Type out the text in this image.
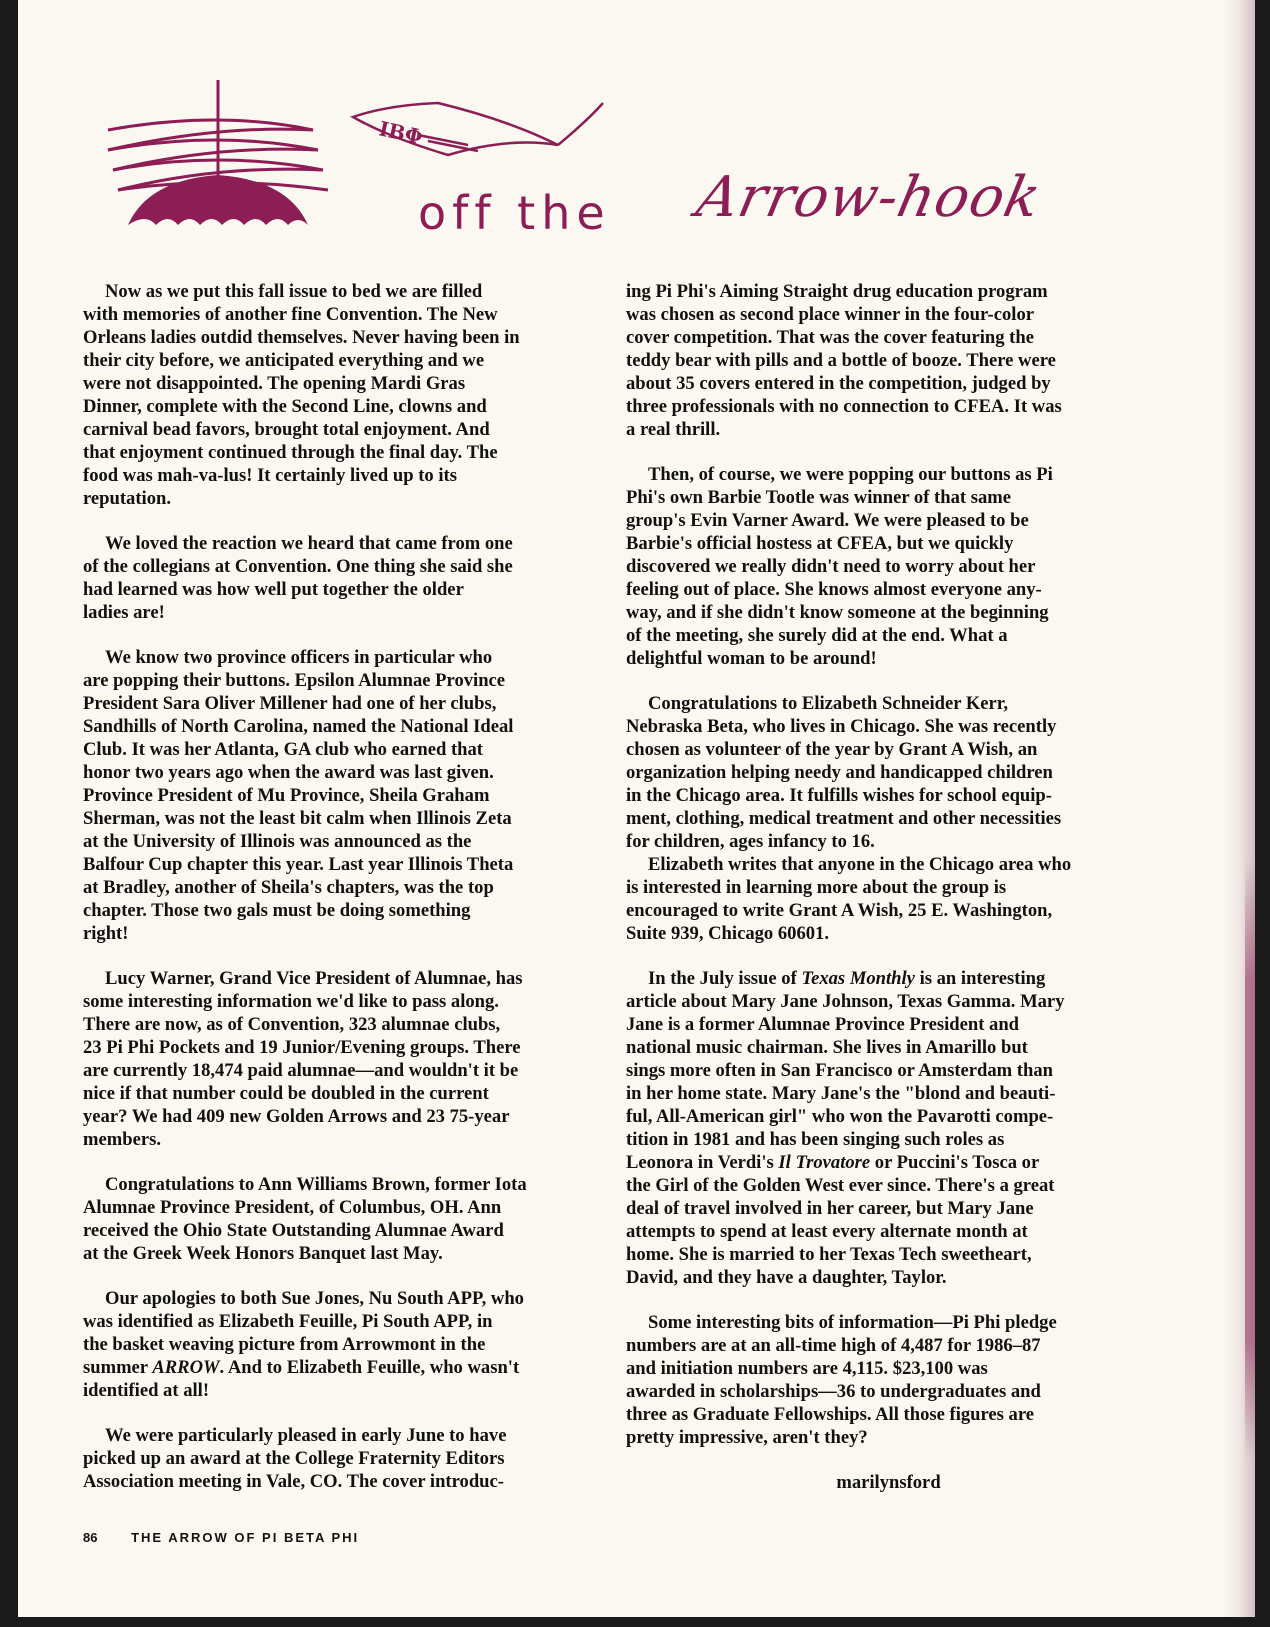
ΙΒΦ
off the Arrow-hook

Now as we put this fall issue to bed we are filled
with memories of another fine Convention. The New
Orleans ladies outdid themselves. Never having been in
their city before, we anticipated everything and we
were not disappointed. The opening Mardi Gras
Dinner, complete with the Second Line, clowns and
carnival bead favors, brought total enjoyment. And
that enjoyment continued through the final day. The
food was mah-va-lus! It certainly lived up to its
reputation.

We loved the reaction we heard that came from one
of the collegians at Convention. One thing she said she
had learned was how well put together the older
ladies are!

We know two province officers in particular who
are popping their buttons. Epsilon Alumnae Province
President Sara Oliver Millener had one of her clubs,
Sandhills of North Carolina, named the National Ideal
Club. It was her Atlanta, GA club who earned that
honor two years ago when the award was last given.
Province President of Mu Province, Sheila Graham
Sherman, was not the least bit calm when Illinois Zeta
at the University of Illinois was announced as the
Balfour Cup chapter this year. Last year Illinois Theta
at Bradley, another of Sheila's chapters, was the top
chapter. Those two gals must be doing something
right!

Lucy Warner, Grand Vice President of Alumnae, has
some interesting information we'd like to pass along.
There are now, as of Convention, 323 alumnae clubs,
23 Pi Phi Pockets and 19 Junior/Evening groups. There
are currently 18,474 paid alumnae—and wouldn't it be
nice if that number could be doubled in the current
year? We had 409 new Golden Arrows and 23 75-year
members.

Congratulations to Ann Williams Brown, former Iota
Alumnae Province President, of Columbus, OH. Ann
received the Ohio State Outstanding Alumnae Award
at the Greek Week Honors Banquet last May.

Our apologies to both Sue Jones, Nu South APP, who
was identified as Elizabeth Feuille, Pi South APP, in
the basket weaving picture from Arrowmont in the
summer ARROW. And to Elizabeth Feuille, who wasn't
identified at all!

We were particularly pleased in early June to have
picked up an award at the College Fraternity Editors
Association meeting in Vale, CO. The cover introduc-

ing Pi Phi's Aiming Straight drug education program
was chosen as second place winner in the four-color
cover competition. That was the cover featuring the
teddy bear with pills and a bottle of booze. There were
about 35 covers entered in the competition, judged by
three professionals with no connection to CFEA. It was
a real thrill.

Then, of course, we were popping our buttons as Pi
Phi's own Barbie Tootle was winner of that same
group's Evin Varner Award. We were pleased to be
Barbie's official hostess at CFEA, but we quickly
discovered we really didn't need to worry about her
feeling out of place. She knows almost everyone any-
way, and if she didn't know someone at the beginning
of the meeting, she surely did at the end. What a
delightful woman to be around!

Congratulations to Elizabeth Schneider Kerr,
Nebraska Beta, who lives in Chicago. She was recently
chosen as volunteer of the year by Grant A Wish, an
organization helping needy and handicapped children
in the Chicago area. It fulfills wishes for school equip-
ment, clothing, medical treatment and other necessities
for children, ages infancy to 16.

Elizabeth writes that anyone in the Chicago area who
is interested in learning more about the group is
encouraged to write Grant A Wish, 25 E. Washington,
Suite 939, Chicago 60601.

In the July issue of Texas Monthly is an interesting
article about Mary Jane Johnson, Texas Gamma. Mary
Jane is a former Alumnae Province President and
national music chairman. She lives in Amarillo but
sings more often in San Francisco or Amsterdam than
in her home state. Mary Jane's the "blond and beauti-
ful, All-American girl" who won the Pavarotti compe-
tition in 1981 and has been singing such roles as
Leonora in Verdi's Il Trovatore or Puccini's Tosca or
the Girl of the Golden West ever since. There's a great
deal of travel involved in her career, but Mary Jane
attempts to spend at least every alternate month at
home. She is married to her Texas Tech sweetheart,
David, and they have a daughter, Taylor.

Some interesting bits of information—Pi Phi pledge
numbers are at an all-time high of 4,487 for 1986–87
and initiation numbers are 4,115. $23,100 was
awarded in scholarships—36 to undergraduates and
three as Graduate Fellowships. All those figures are
pretty impressive, aren't they?

marilynsford

86	THE ARROW OF PI BETA PHI
